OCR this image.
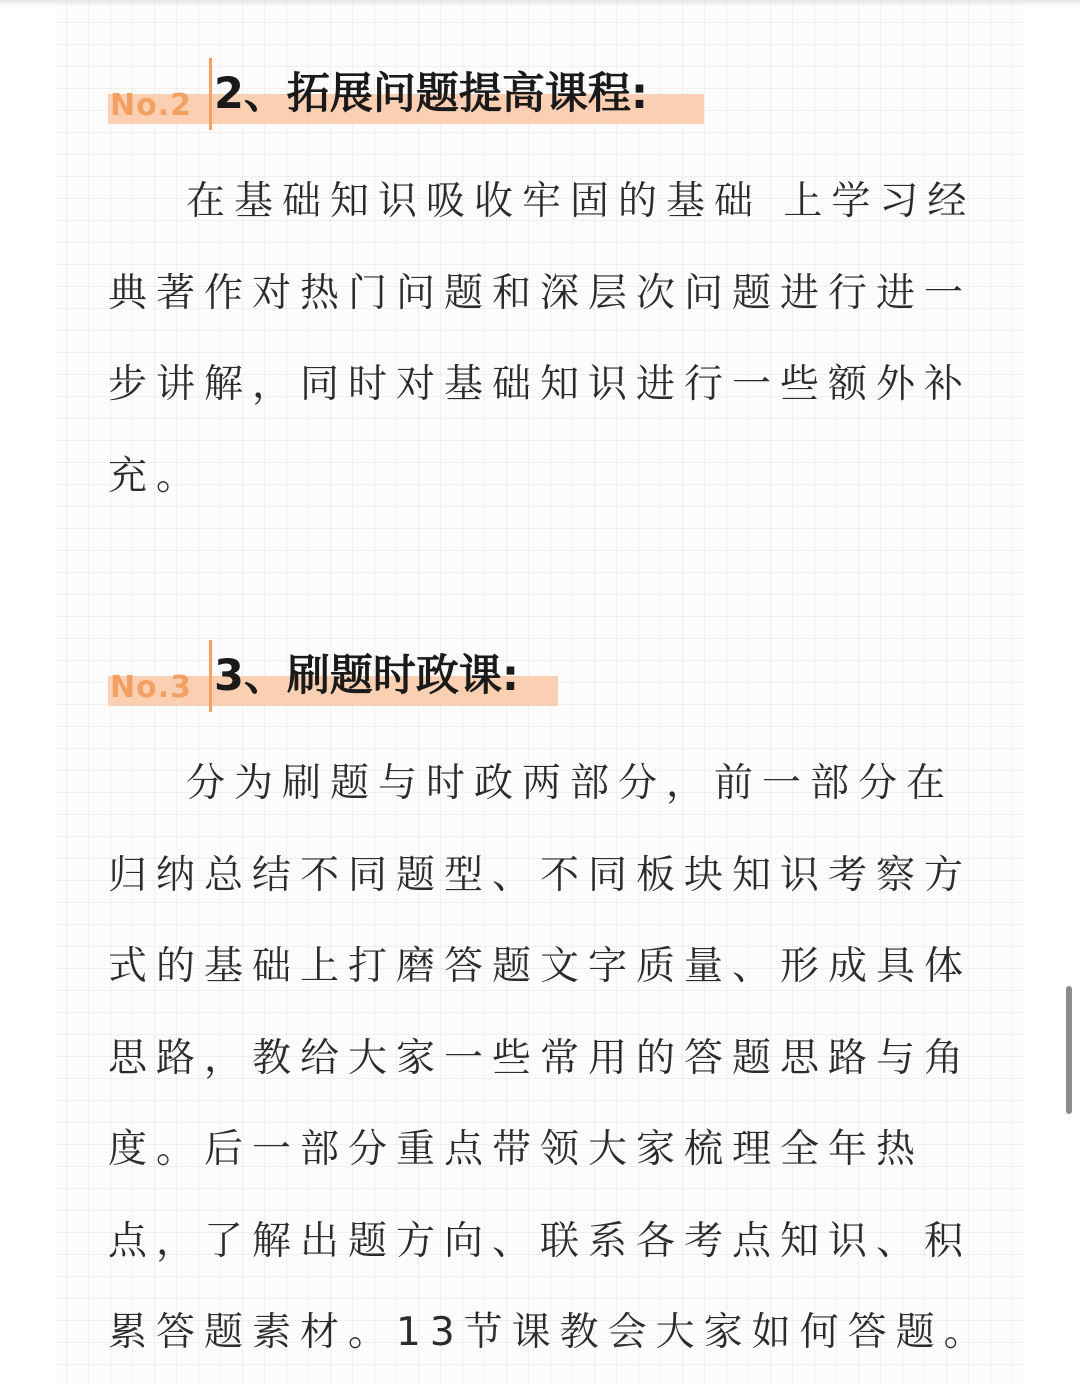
No.2 2、拓展问题提高课程:

在基础知识吸收牢固的基础 上学习经
典著作对热门问题和深层次问题进行进一
步讲解，同时对基础知识进行一些额外补
充。

No.3 3、刷题时政课:

分为刷题与时政两部分，前一部分在
归纳总结不同题型、不同板块知识考察方
式的基础上打磨答题文字质量、形成具体
思路，教给大家一些常用的答题思路与角
度。后一部分重点带领大家梳理全年热
点，了解出题方向、联系各考点知识、积
累答题素材。13节课教会大家如何答题。
